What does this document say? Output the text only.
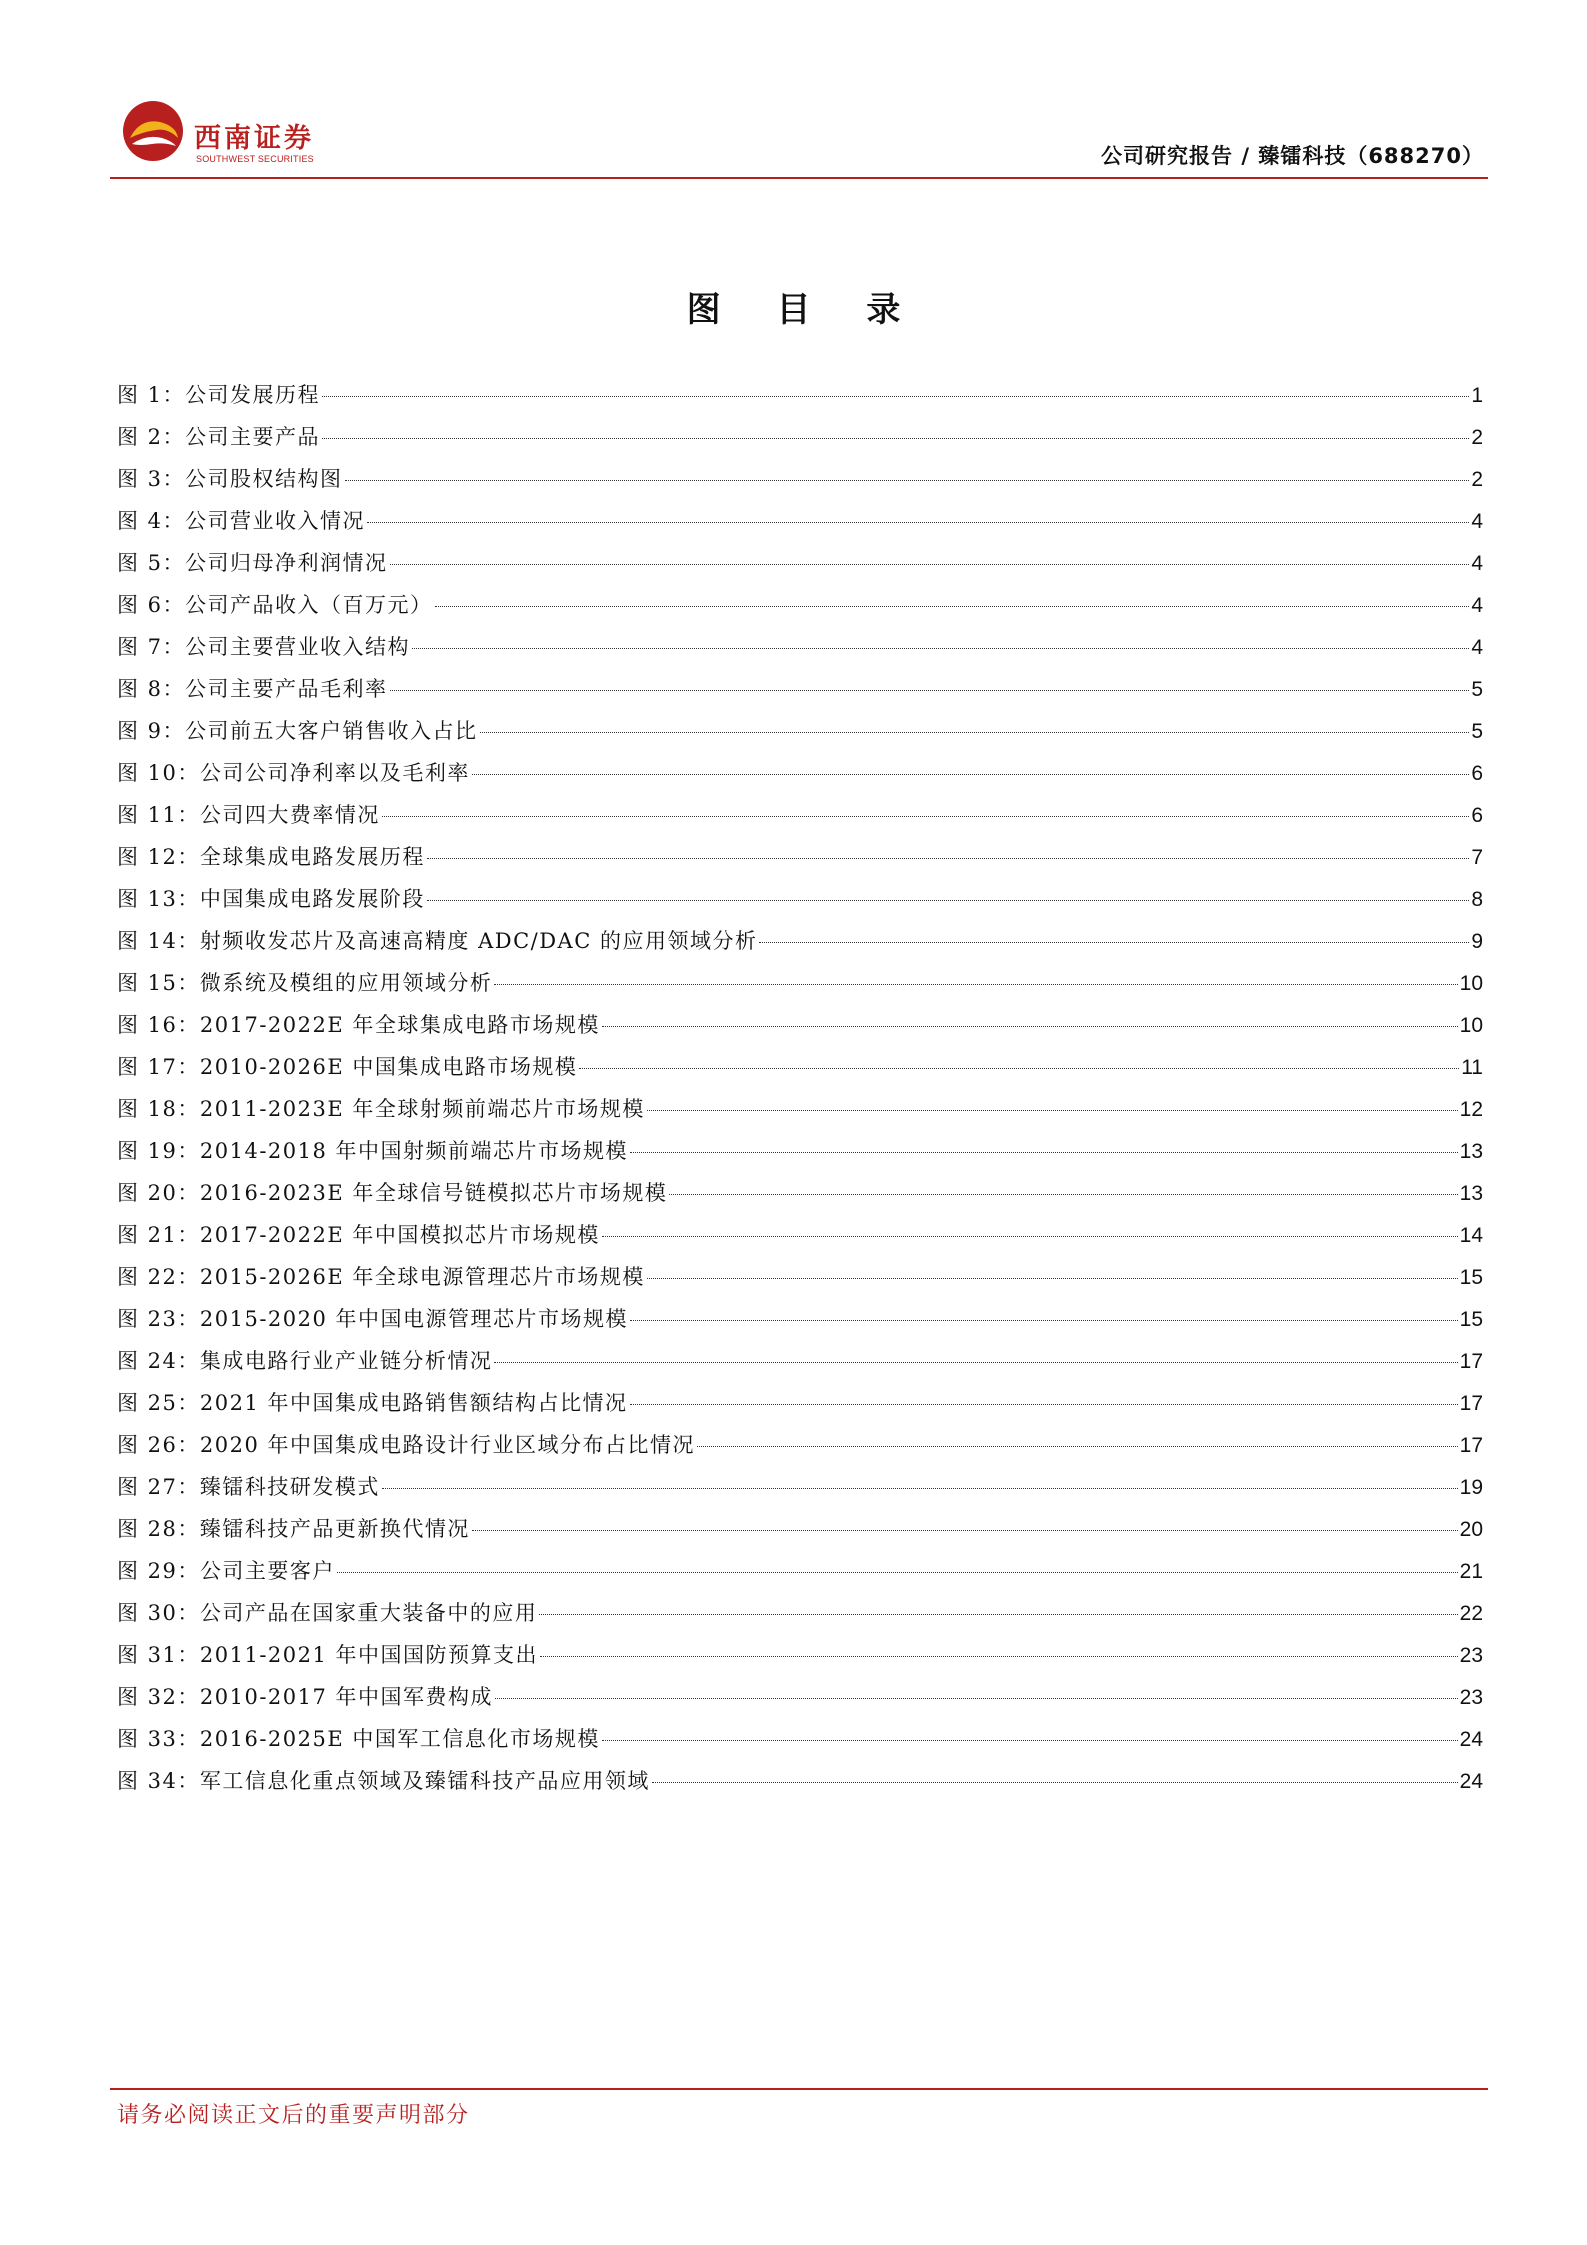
西南证券
SOUTHWEST SECURITIES	公司研究报告 / 臻镭科技（688270）
图 目 录
图 1：公司发展历程	1
图 2：公司主要产品	2
图 3：公司股权结构图	2
图 4：公司营业收入情况	4
图 5：公司归母净利润情况	4
图 6：公司产品收入（百万元）	4
图 7：公司主要营业收入结构	4
图 8：公司主要产品毛利率	5
图 9：公司前五大客户销售收入占比	5
图 10：公司公司净利率以及毛利率	6
图 11：公司四大费率情况	6
图 12：全球集成电路发展历程	7
图 13：中国集成电路发展阶段	8
图 14：射频收发芯片及高速高精度 ADC/DAC 的应用领域分析	9
图 15：微系统及模组的应用领域分析	10
图 16：2017-2022E 年全球集成电路市场规模	10
图 17：2010-2026E 中国集成电路市场规模	11
图 18：2011-2023E 年全球射频前端芯片市场规模	12
图 19：2014-2018 年中国射频前端芯片市场规模	13
图 20：2016-2023E 年全球信号链模拟芯片市场规模	13
图 21：2017-2022E 年中国模拟芯片市场规模	14
图 22：2015-2026E 年全球电源管理芯片市场规模	15
图 23：2015-2020 年中国电源管理芯片市场规模	15
图 24：集成电路行业产业链分析情况	17
图 25：2021 年中国集成电路销售额结构占比情况	17
图 26：2020 年中国集成电路设计行业区域分布占比情况	17
图 27：臻镭科技研发模式	19
图 28：臻镭科技产品更新换代情况	20
图 29：公司主要客户	21
图 30：公司产品在国家重大装备中的应用	22
图 31：2011-2021 年中国国防预算支出	23
图 32：2010-2017 年中国军费构成	23
图 33：2016-2025E 中国军工信息化市场规模	24
图 34：军工信息化重点领域及臻镭科技产品应用领域	24
请务必阅读正文后的重要声明部分
